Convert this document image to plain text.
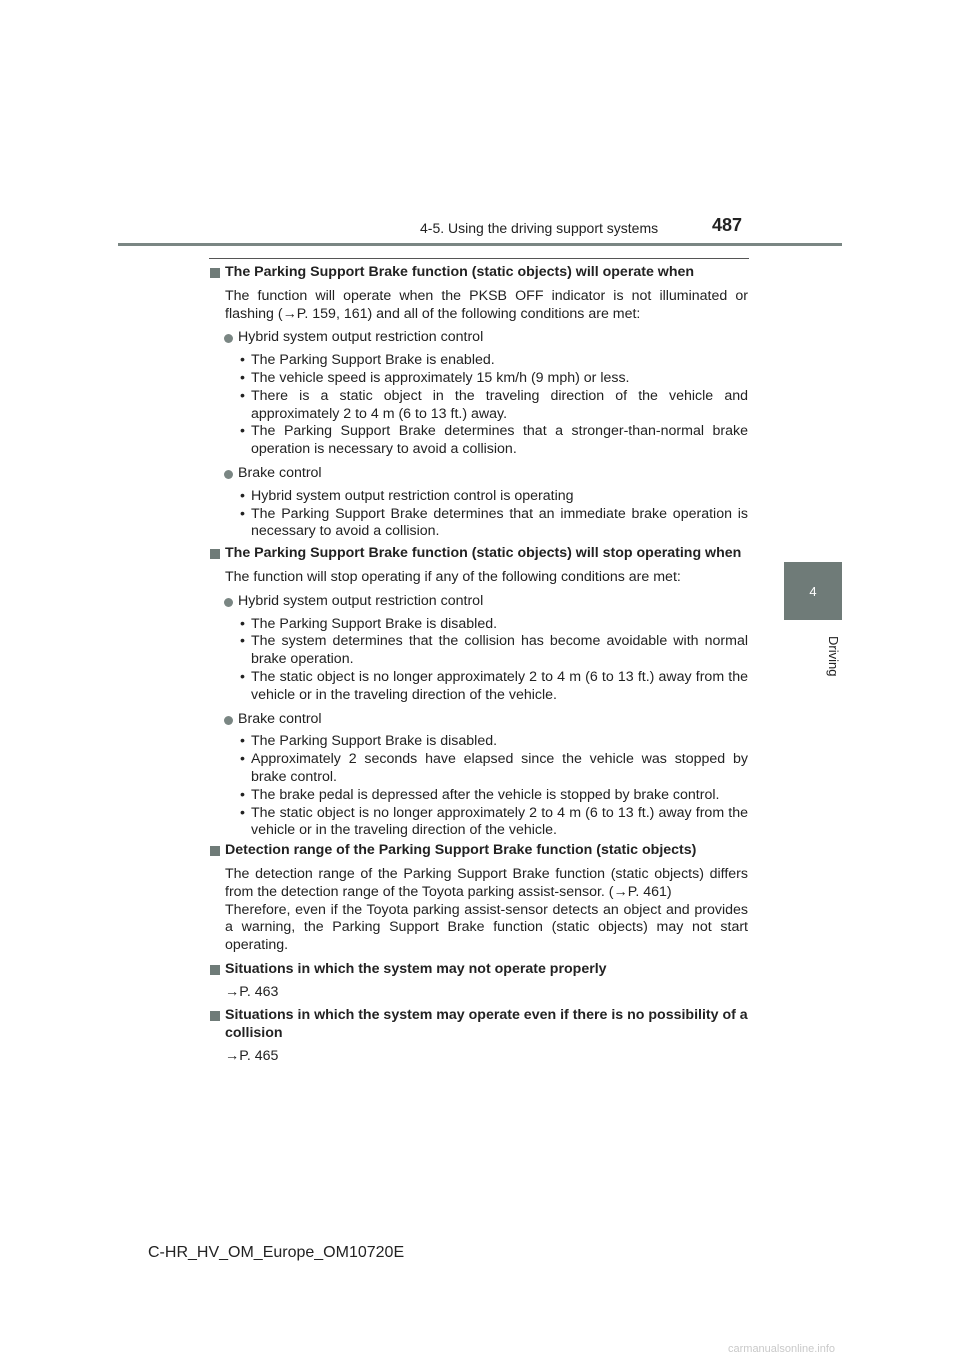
4-5. Using the driving support systems	487
4
Driving
The Parking Support Brake function (static objects) will operate when
The function will operate when the PKSB OFF indicator is not illuminated or flashing (→P. 159, 161) and all of the following conditions are met:
Hybrid system output restriction control
• The Parking Support Brake is enabled.
• The vehicle speed is approximately 15 km/h (9 mph) or less.
• There is a static object in the traveling direction of the vehicle and approximately 2 to 4 m (6 to 13 ft.) away.
• The Parking Support Brake determines that a stronger-than-normal brake operation is necessary to avoid a collision.
Brake control
• Hybrid system output restriction control is operating
• The Parking Support Brake determines that an immediate brake operation is necessary to avoid a collision.
The Parking Support Brake function (static objects) will stop operating when
The function will stop operating if any of the following conditions are met:
Hybrid system output restriction control
• The Parking Support Brake is disabled.
• The system determines that the collision has become avoidable with normal brake operation.
• The static object is no longer approximately 2 to 4 m (6 to 13 ft.) away from the vehicle or in the traveling direction of the vehicle.
Brake control
• The Parking Support Brake is disabled.
• Approximately 2 seconds have elapsed since the vehicle was stopped by brake control.
• The brake pedal is depressed after the vehicle is stopped by brake control.
• The static object is no longer approximately 2 to 4 m (6 to 13 ft.) away from the vehicle or in the traveling direction of the vehicle.
Detection range of the Parking Support Brake function (static objects)
The detection range of the Parking Support Brake function (static objects) differs from the detection range of the Toyota parking assist-sensor. (→P. 461)
Therefore, even if the Toyota parking assist-sensor detects an object and provides a warning, the Parking Support Brake function (static objects) may not start operating.
Situations in which the system may not operate properly
→P. 463
Situations in which the system may operate even if there is no possibility of a collision
→P. 465
C-HR_HV_OM_Europe_OM10720E
carmanualsonline.info
